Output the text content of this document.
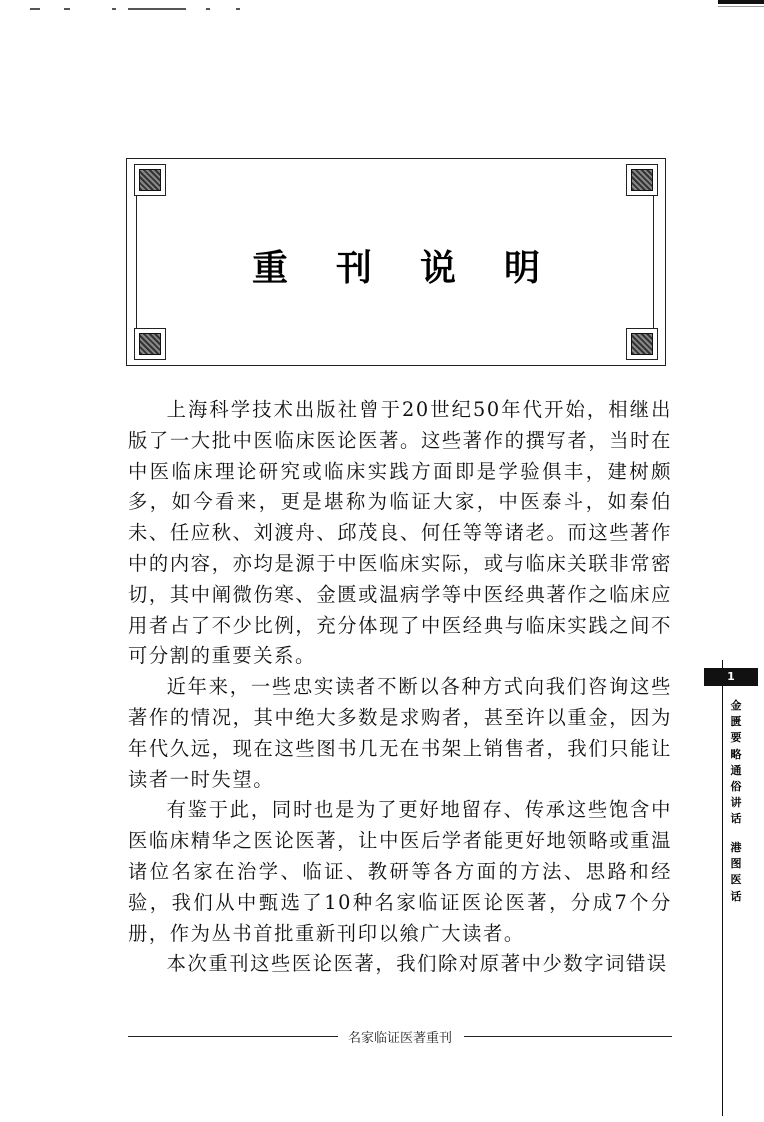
重刊说明

上海科学技术出版社曾于20世纪50年代开始，相继出版了一大批中医临床医论医著。这些著作的撰写者，当时在中医临床理论研究或临床实践方面即是学验俱丰，建树颇多，如今看来，更是堪称为临证大家，中医泰斗，如秦伯未、任应秋、刘渡舟、邱茂良、何任等等诸老。而这些著作中的内容，亦均是源于中医临床实际，或与临床关联非常密切，其中阐微伤寒、金匮或温病学等中医经典著作之临床应用者占了不少比例，充分体现了中医经典与临床实践之间不可分割的重要关系。

近年来，一些忠实读者不断以各种方式向我们咨询这些著作的情况，其中绝大多数是求购者，甚至许以重金，因为年代久远，现在这些图书几无在书架上销售者，我们只能让读者一时失望。

有鉴于此，同时也是为了更好地留存、传承这些饱含中医临床精华之医论医著，让中医后学者能更好地领略或重温诸位名家在治学、临证、教研等各方面的方法、思路和经验，我们从中甄选了10种名家临证医论医著，分成7个分册，作为丛书首批重新刊印以飨广大读者。

本次重刊这些医论医著，我们除对原著中少数字词错误

名家临证医著重刊
1
金匮要略通俗讲话
港图医话
